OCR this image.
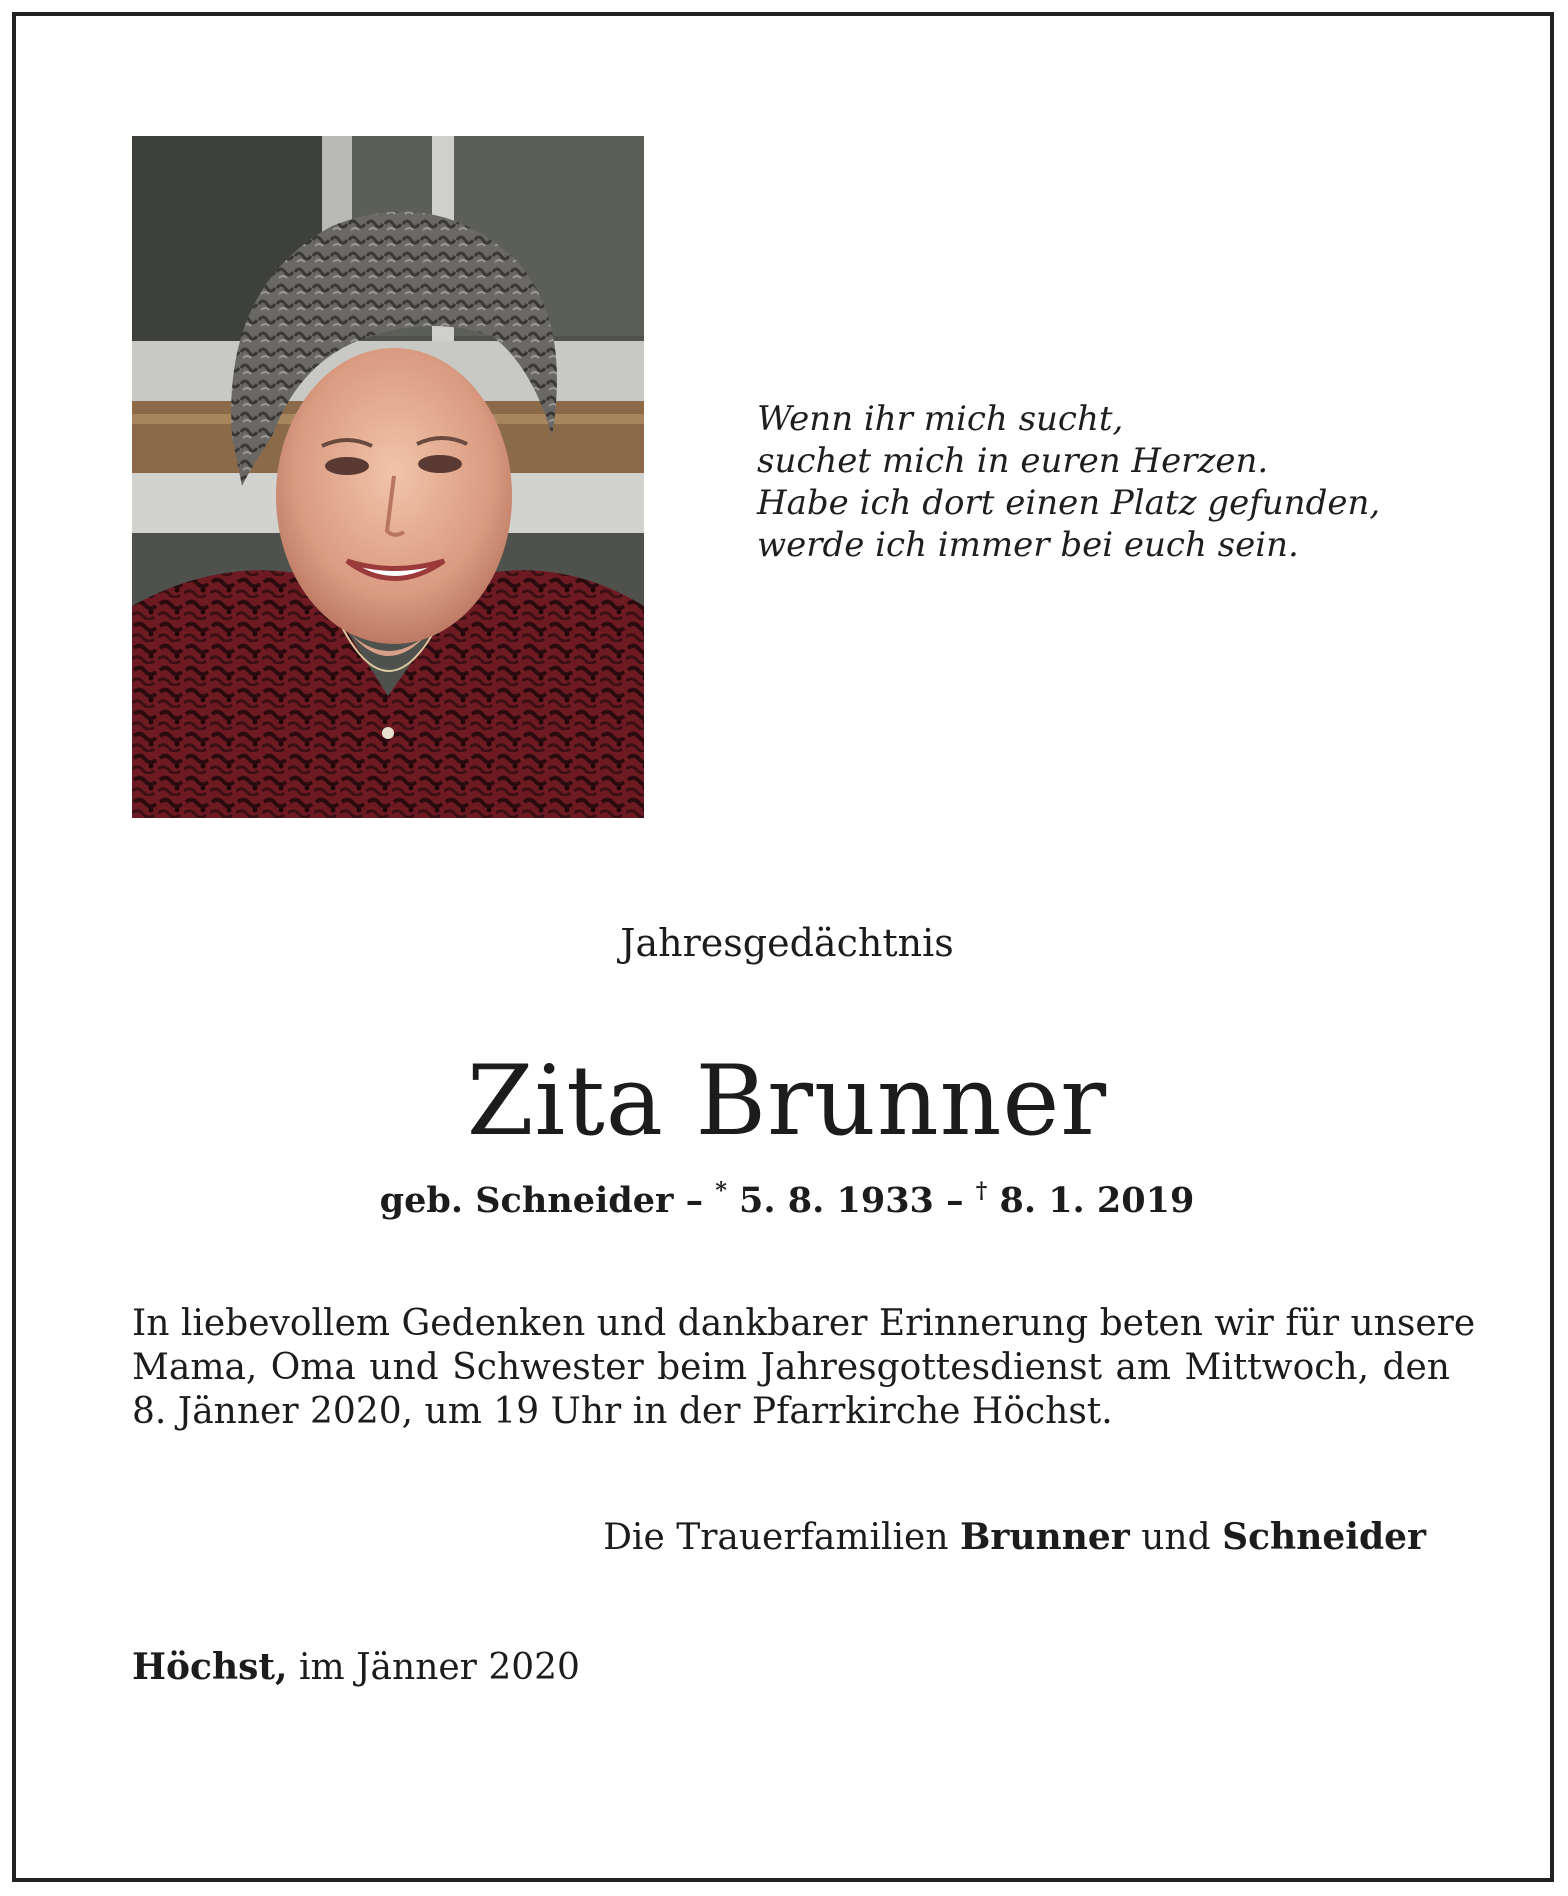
Wenn ihr mich sucht,
suchet mich in euren Herzen.
Habe ich dort einen Platz gefunden,
werde ich immer bei euch sein.
Jahresgedächtnis
Zita Brunner
geb. Schneider – * 5. 8. 1933 – † 8. 1. 2019
In liebevollem Gedenken und dankbarer Erinnerung beten wir für unsere
Mama, Oma und Schwester beim Jahresgottesdienst am Mittwoch, den
8. Jänner 2020, um 19 Uhr in der Pfarrkirche Höchst.
Die Trauerfamilien Brunner und Schneider
Höchst, im Jänner 2020
